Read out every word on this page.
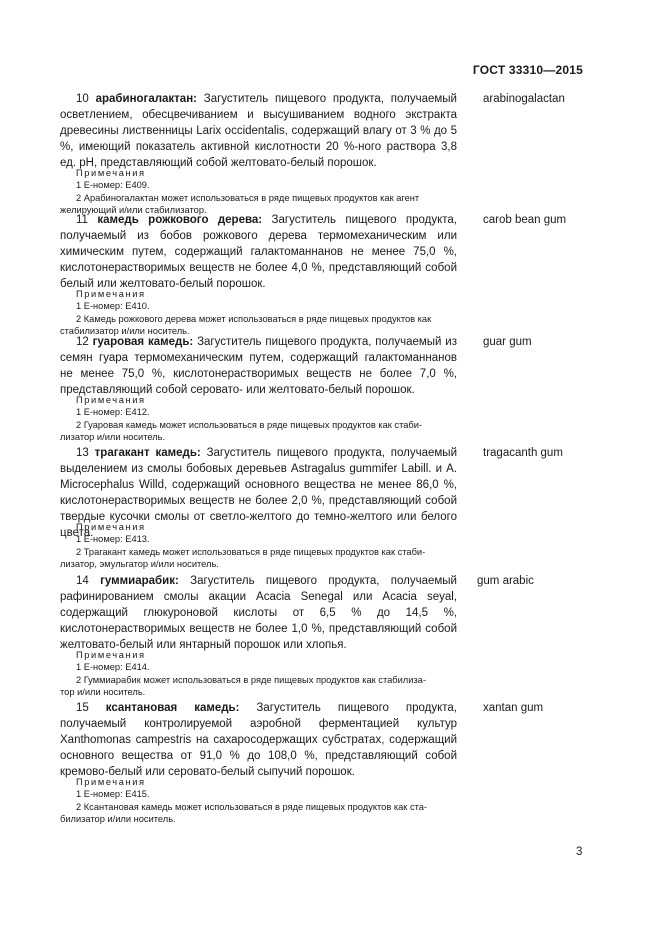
ГОСТ 33310—2015

10 арабиногалактан: Загуститель пищевого продукта, получаемый осветлением, обесцвечиванием и высушиванием водного экстракта древесины лиственницы Larix occidentalis, содержащий влагу от 3 % до 5 %, имеющий показатель активной кислотности 20 %-ного раствора 3,8 ед. pH, представляющий собой желтовато-белый порошок.

arabinogalactan

Примечания
1 Е-номер: Е409.
2 Арабиногалактан может использоваться в ряде пищевых продуктов как агент
желирующий и/или стабилизатор.

11 камедь рожкового дерева: Загуститель пищевого продукта, получаемый из бобов рожкового дерева термомеханическим или химическим путем, содержащий галактоманнанов не менее 75,0 %, кислотонерастворимых веществ не более 4,0 %, представляющий собой белый или желтовато-белый порошок.

carob bean gum

Примечания
1 Е-номер: Е410.
2 Камедь рожкового дерева может использоваться в ряде пищевых продуктов как
стабилизатор и/или носитель.

12 гуаровая камедь: Загуститель пищевого продукта, получаемый из семян гуара термомеханическим путем, содержащий галактоманнанов не менее 75,0 %, кислотонерастворимых веществ не более 7,0 %, представляющий собой серовато- или желтовато-белый порошок.

guar gum

Примечания
1 Е-номер: Е412.
2 Гуаровая камедь может использоваться в ряде пищевых продуктов как стаби-
лизатор и/или носитель.

13 трагакант камедь: Загуститель пищевого продукта, получаемый выделением из смолы бобовых деревьев Astragalus gummifer Labill. и A. Microcephalus Willd, содержащий основного вещества не менее 86,0 %, кислотонерастворимых веществ не более 2,0 %, представляющий собой твердые кусочки смолы от светло-желтого до темно-желтого или белого цвета.

tragacanth gum

Примечания
1 Е-номер: Е413.
2 Трагакант камедь может использоваться в ряде пищевых продуктов как стаби-
лизатор, эмульгатор и/или носитель.

14 гуммиарабик: Загуститель пищевого продукта, получаемый рафинированием смолы акации Acacia Senegal или Acacia seyal, содержащий глюкуроновой кислоты от 6,5 % до 14,5 %, кислотонерастворимых веществ не более 1,0 %, представляющий собой желтовато-белый или янтарный порошок или хлопья.

gum arabic

Примечания
1 Е-номер: Е414.
2 Гуммиарабик может использоваться в ряде пищевых продуктов как стабилиза-
тор и/или носитель.

15 ксантановая камедь: Загуститель пищевого продукта, получаемый контролируемой аэробной ферментацией культур Xanthomonas campestris на сахаросодержащих субстратах, содержащий основного вещества от 91,0 % до 108,0 %, представляющий собой кремово-белый или серовато-белый сыпучий порошок.

xantan gum

Примечания
1 Е-номер: Е415.
2 Ксантановая камедь может использоваться в ряде пищевых продуктов как ста-
билизатор и/или носитель.
3
